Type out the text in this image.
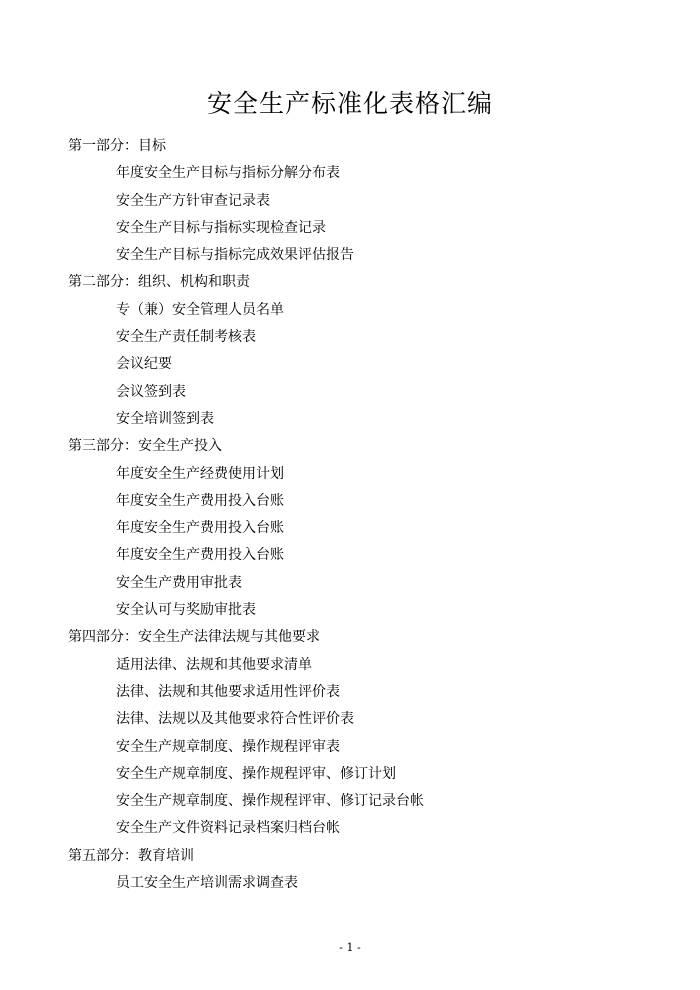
安全生产标准化表格汇编
第一部分：目标
年度安全生产目标与指标分解分布表
安全生产方针审查记录表
安全生产目标与指标实现检查记录
安全生产目标与指标完成效果评估报告
第二部分：组织、机构和职责
专（兼）安全管理人员名单
安全生产责任制考核表
会议纪要
会议签到表
安全培训签到表
第三部分：安全生产投入
年度安全生产经费使用计划
年度安全生产费用投入台账
年度安全生产费用投入台账
年度安全生产费用投入台账
安全生产费用审批表
安全认可与奖励审批表
第四部分：安全生产法律法规与其他要求
适用法律、法规和其他要求清单
法律、法规和其他要求适用性评价表
法律、法规以及其他要求符合性评价表
安全生产规章制度、操作规程评审表
安全生产规章制度、操作规程评审、修订计划
安全生产规章制度、操作规程评审、修订记录台帐
安全生产文件资料记录档案归档台帐
第五部分：教育培训
员工安全生产培训需求调查表
- 1 -
